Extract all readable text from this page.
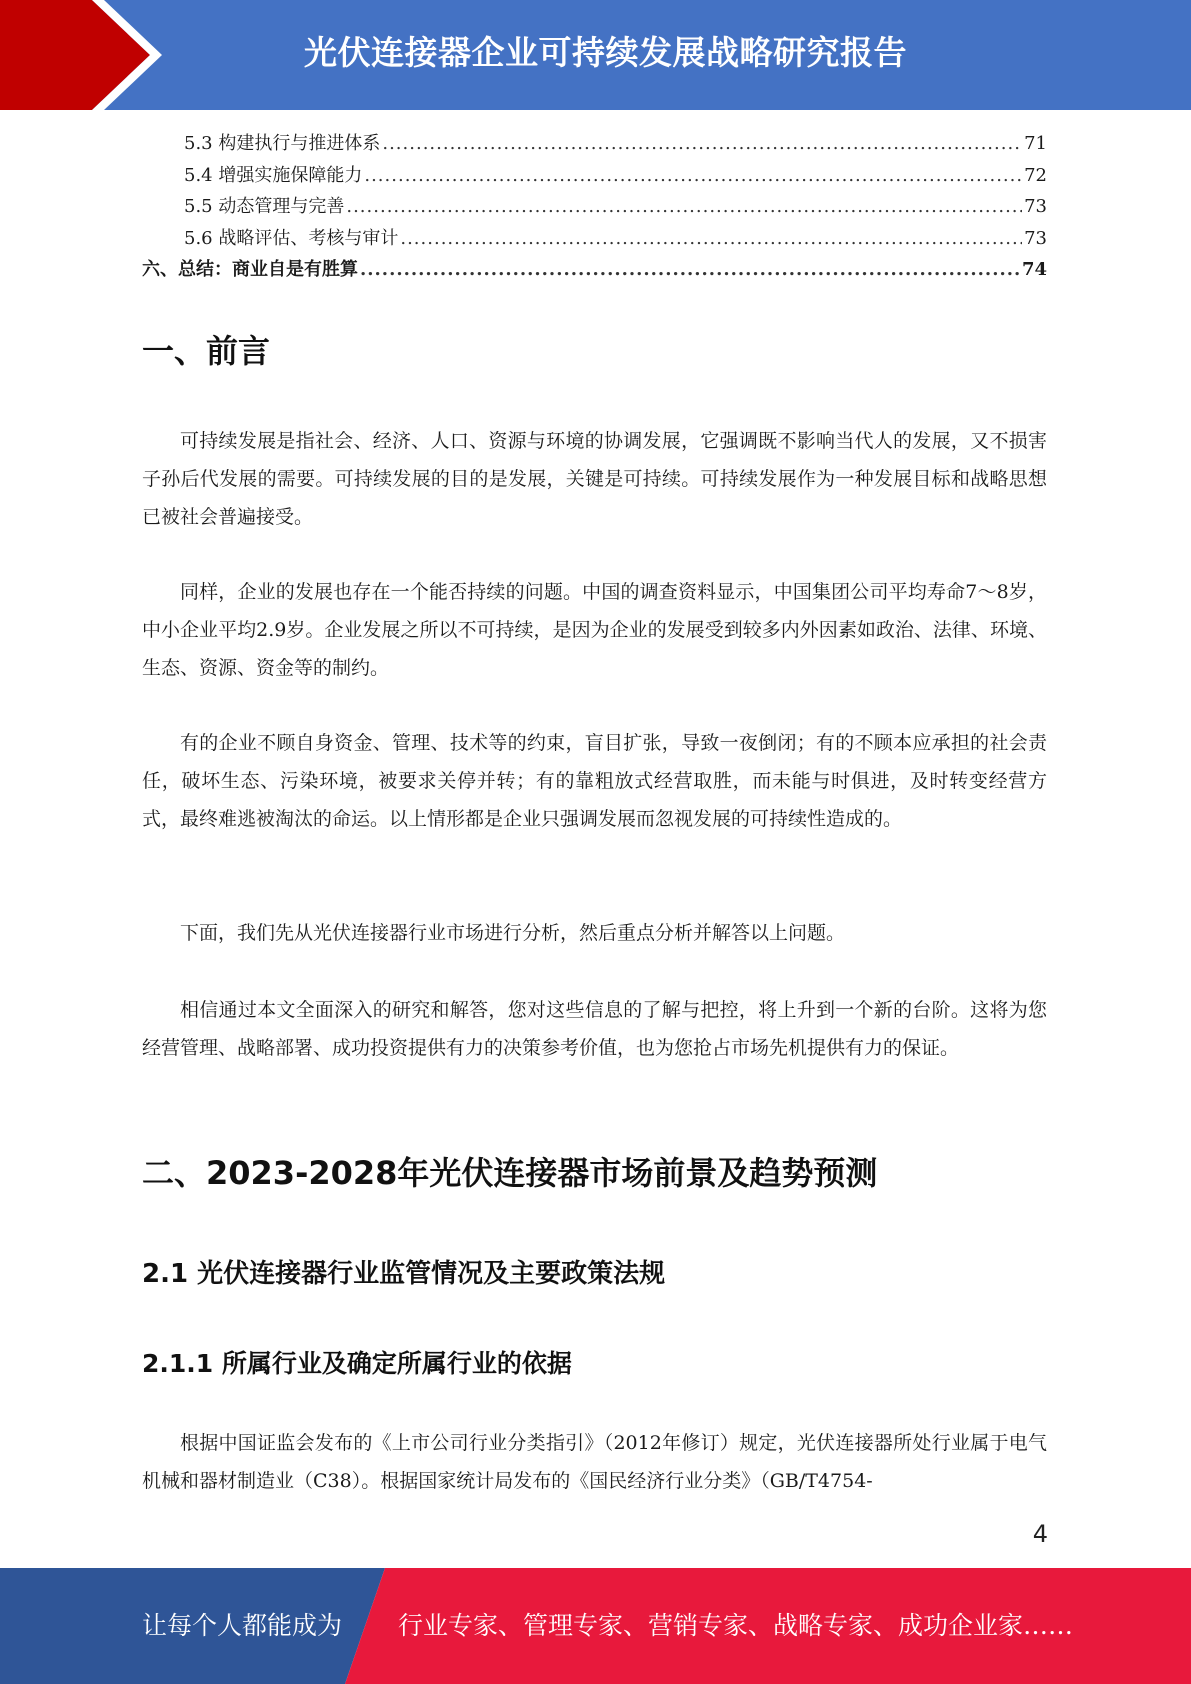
光伏连接器企业可持续发展战略研究报告
5.3 构建执行与推进体系 .....	71
5.4 增强实施保障能力 .....	72
5.5 动态管理与完善 .....	73
5.6 战略评估、考核与审计 .....	73
六、总结：商业自是有胜算 .....	74
一、前言

可持续发展是指社会、经济、人口、资源与环境的协调发展，它强调既不影响当代人的发展，又不损害子孙后代发展的需要。可持续发展的目的是发展，关键是可持续。可持续发展作为一种发展目标和战略思想已被社会普遍接受。

同样，企业的发展也存在一个能否持续的问题。中国的调查资料显示，中国集团公司平均寿命7～8岁，中小企业平均2.9岁。企业发展之所以不可持续，是因为企业的发展受到较多内外因素如政治、法律、环境、生态、资源、资金等的制约。

有的企业不顾自身资金、管理、技术等的约束，盲目扩张，导致一夜倒闭；有的不顾本应承担的社会责任，破坏生态、污染环境，被要求关停并转；有的靠粗放式经营取胜，而未能与时俱进，及时转变经营方式，最终难逃被淘汰的命运。以上情形都是企业只强调发展而忽视发展的可持续性造成的。

下面，我们先从光伏连接器行业市场进行分析，然后重点分析并解答以上问题。

相信通过本文全面深入的研究和解答，您对这些信息的了解与把控，将上升到一个新的台阶。这将为您经营管理、战略部署、成功投资提供有力的决策参考价值，也为您抢占市场先机提供有力的保证。

二、2023-2028年光伏连接器市场前景及趋势预测
2.1 光伏连接器行业监管情况及主要政策法规
2.1.1 所属行业及确定所属行业的依据

根据中国证监会发布的《上市公司行业分类指引》（2012年修订）规定，光伏连接器所处行业属于电气机械和器材制造业（C38）。根据国家统计局发布的《国民经济行业分类》（GB/T4754-

4
让每个人都能成为 行业专家、管理专家、营销专家、战略专家、成功企业家……
